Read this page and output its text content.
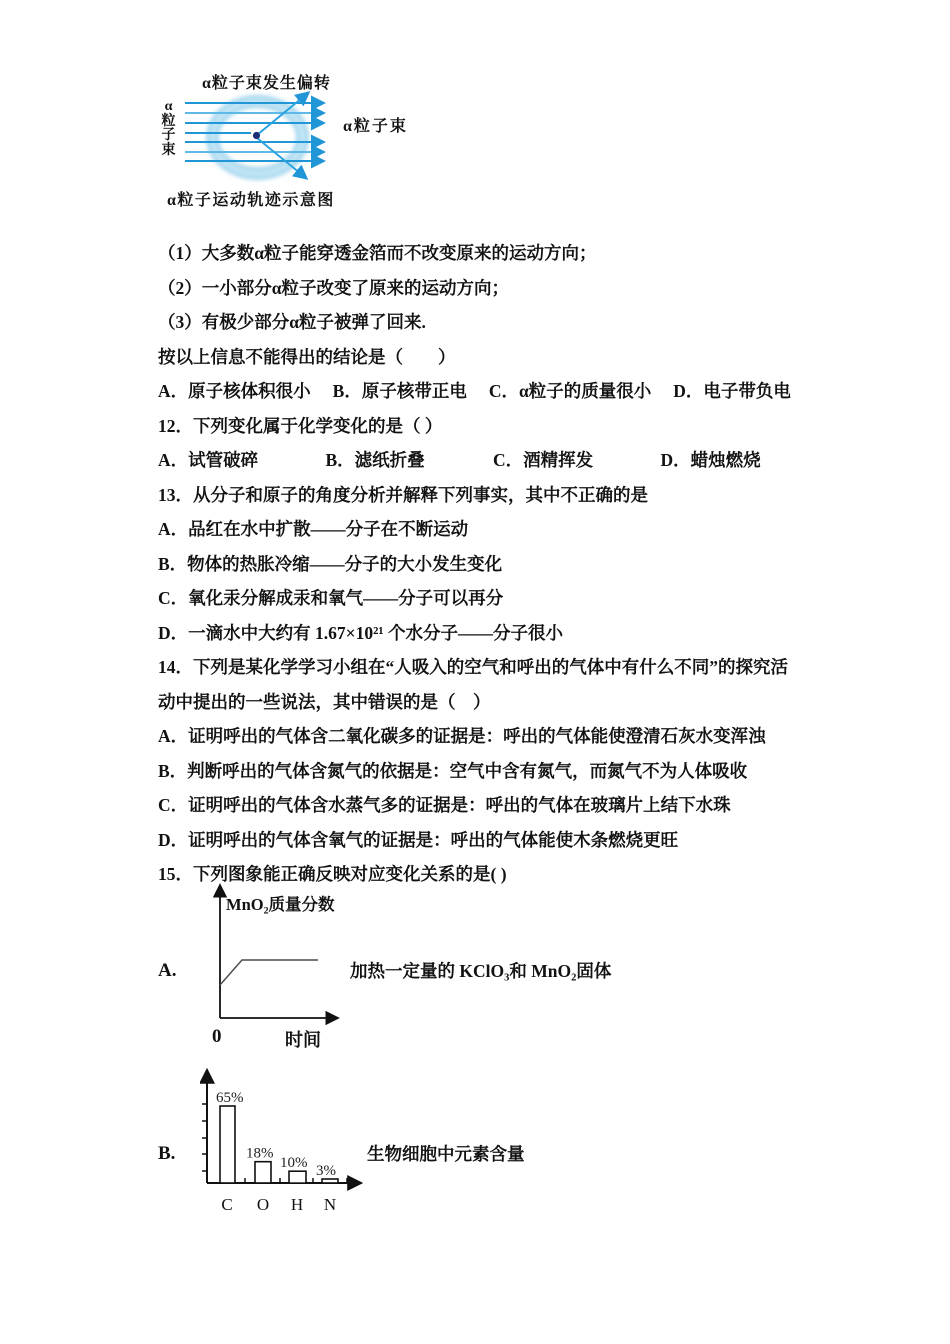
α粒子束发生偏转
α粒子束
α粒子束
α粒子运动轨迹示意图

（1）大多数α粒子能穿透金箔而不改变原来的运动方向；

（2）一小部分α粒子改变了原来的运动方向；

（3）有极少部分α粒子被弹了回来.

按以上信息不能得出的结论是（　　）

A．原子核体积很小 B．原子核带正电 C．α粒子的质量很小 D．电子带负电

12．下列变化属于化学变化的是（ ）

A．试管破碎	B．滤纸折叠	C．酒精挥发	D．蜡烛燃烧

13．从分子和原子的角度分析并解释下列事实，其中不正确的是

A．品红在水中扩散——分子在不断运动

B．物体的热胀冷缩——分子的大小发生变化

C．氧化汞分解成汞和氧气——分子可以再分

D．一滴水中大约有 1.67×10²¹ 个水分子——分子很小

14．下列是某化学学习小组在“人吸入的空气和呼出的气体中有什么不同”的探究活

动中提出的一些说法，其中错误的是（　）

A．证明呼出的气体含二氧化碳多的证据是：呼出的气体能使澄清石灰水变浑浊

B．判断呼出的气体含氮气的依据是：空气中含有氮气，而氮气不为人体吸收

C．证明呼出的气体含水蒸气多的证据是：呼出的气体在玻璃片上结下水珠

D．证明呼出的气体含氧气的证据是：呼出的气体能使木条燃烧更旺

15．下列图象能正确反映对应变化关系的是( )

A.
MnO₂质量分数
0	时间
加热一定量的 KClO₃和 MnO₂固体
B.
65%
18%
10% 3%
C O H N
生物细胞中元素含量
